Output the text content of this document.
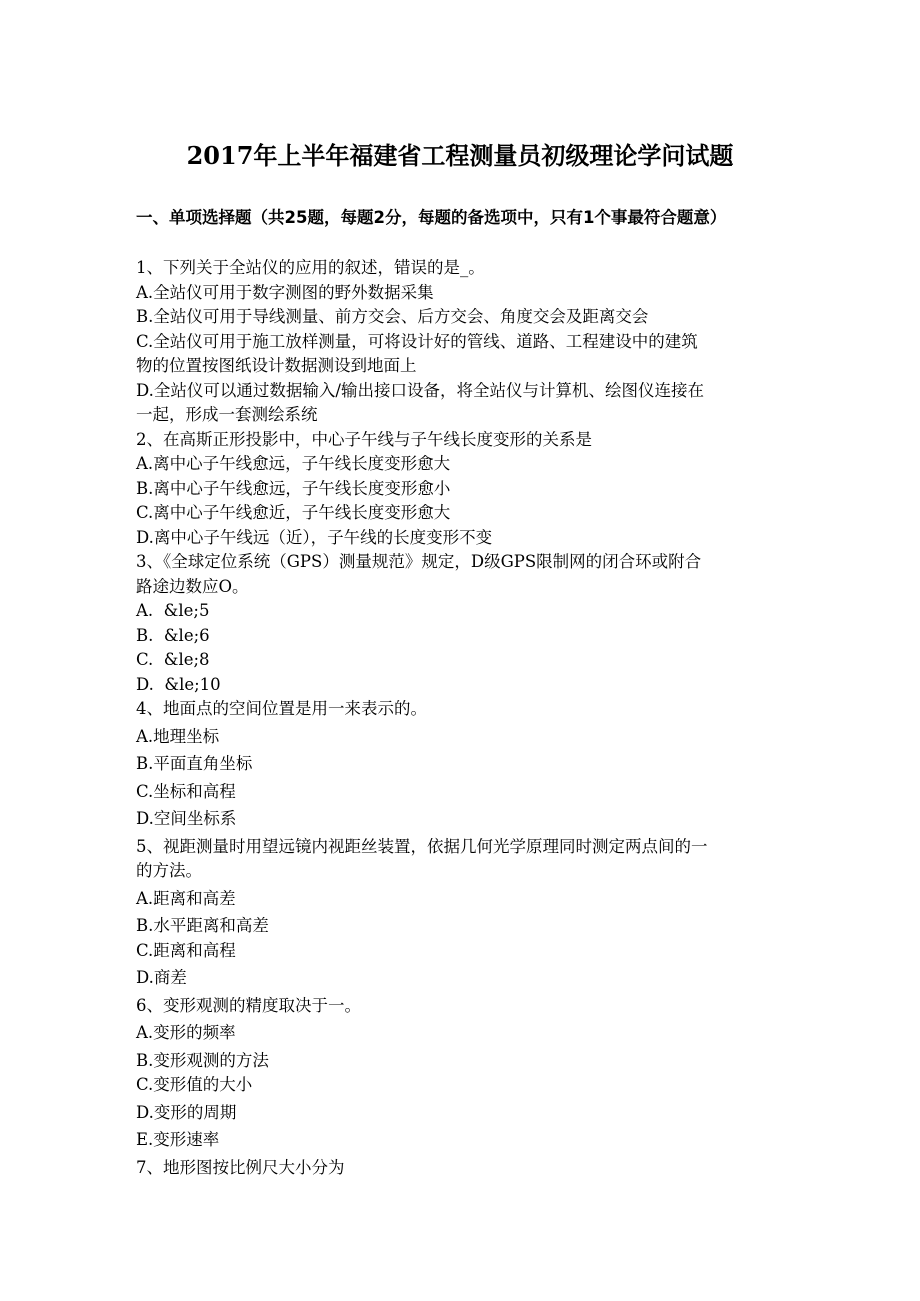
2017年上半年福建省工程测量员初级理论学问试题
一、单项选择题（共25题，每题2分，每题的备选项中，只有1个事最符合题意）
1、下列关于全站仪的应用的叙述，错误的是_。
A.全站仪可用于数字测图的野外数据采集
B.全站仪可用于导线测量、前方交会、后方交会、角度交会及距离交会
C.全站仪可用于施工放样测量，可将设计好的管线、道路、工程建设中的建筑
物的位置按图纸设计数据测设到地面上
D.全站仪可以通过数据输入/输出接口设备，将全站仪与计算机、绘图仪连接在
一起，形成一套测绘系统
2、在高斯正形投影中，中心子午线与子午线长度变形的关系是
A.离中心子午线愈远，子午线长度变形愈大
B.离中心子午线愈远，子午线长度变形愈小
C.离中心子午线愈近，子午线长度变形愈大
D.离中心子午线远（近），子午线的长度变形不变
3、《全球定位系统（GPS）测量规范》规定，D级GPS限制网的闭合环或附合
路途边数应O。
A.  &le;5
B.  &le;6
C.  &le;8
D.  &le;10
4、地面点的空间位置是用一来表示的。
A.地理坐标
B.平面直角坐标
C.坐标和高程
D.空间坐标系
5、视距测量时用望远镜内视距丝装置，依据几何光学原理同时测定两点间的一
的方法。
A.距离和高差
B.水平距离和高差
C.距离和高程
D.商差
6、变形观测的精度取决于一。
A.变形的频率
B.变形观测的方法
C.变形值的大小
D.变形的周期
E.变形速率
7、地形图按比例尺大小分为
